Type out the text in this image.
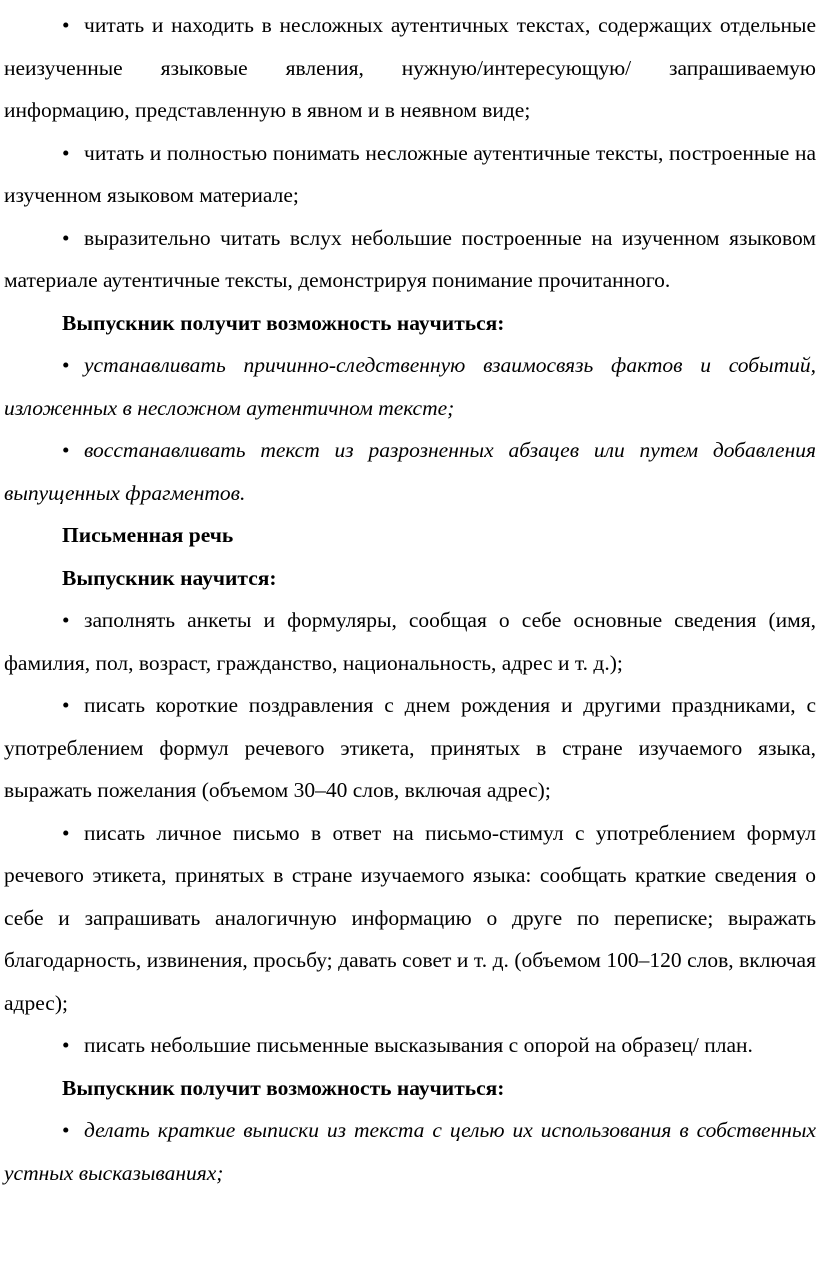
• читать и находить в несложных аутентичных текстах, содержащих отдельные неизученные языковые явления, нужную/интересующую/ запрашиваемую информацию, представленную в явном и в неявном виде;

• читать и полностью понимать несложные аутентичные тексты, построенные на изученном языковом материале;

• выразительно читать вслух небольшие построенные на изученном языковом материале аутентичные тексты, демонстрируя понимание прочитанного.

Выпускник получит возможность научиться:

• устанавливать причинно-следственную взаимосвязь фактов и событий, изложенных в несложном аутентичном тексте;

• восстанавливать текст из разрозненных абзацев или путем добавления выпущенных фрагментов.

Письменная речь

Выпускник научится:

• заполнять анкеты и формуляры, сообщая о себе основные сведения (имя, фамилия, пол, возраст, гражданство, национальность, адрес и т. д.);

• писать короткие поздравления с днем рождения и другими праздниками, с употреблением формул речевого этикета, принятых в стране изучаемого языка, выражать пожелания (объемом 30–40 слов, включая адрес);

• писать личное письмо в ответ на письмо-стимул с употреблением формул речевого этикета, принятых в стране изучаемого языка: сообщать краткие сведения о себе и запрашивать аналогичную информацию о друге по переписке; выражать благодарность, извинения, просьбу; давать совет и т. д. (объемом 100–120 слов, включая адрес);

• писать небольшие письменные высказывания с опорой на образец/ план.

Выпускник получит возможность научиться:

• делать краткие выписки из текста с целью их использования в собственных устных высказываниях;
